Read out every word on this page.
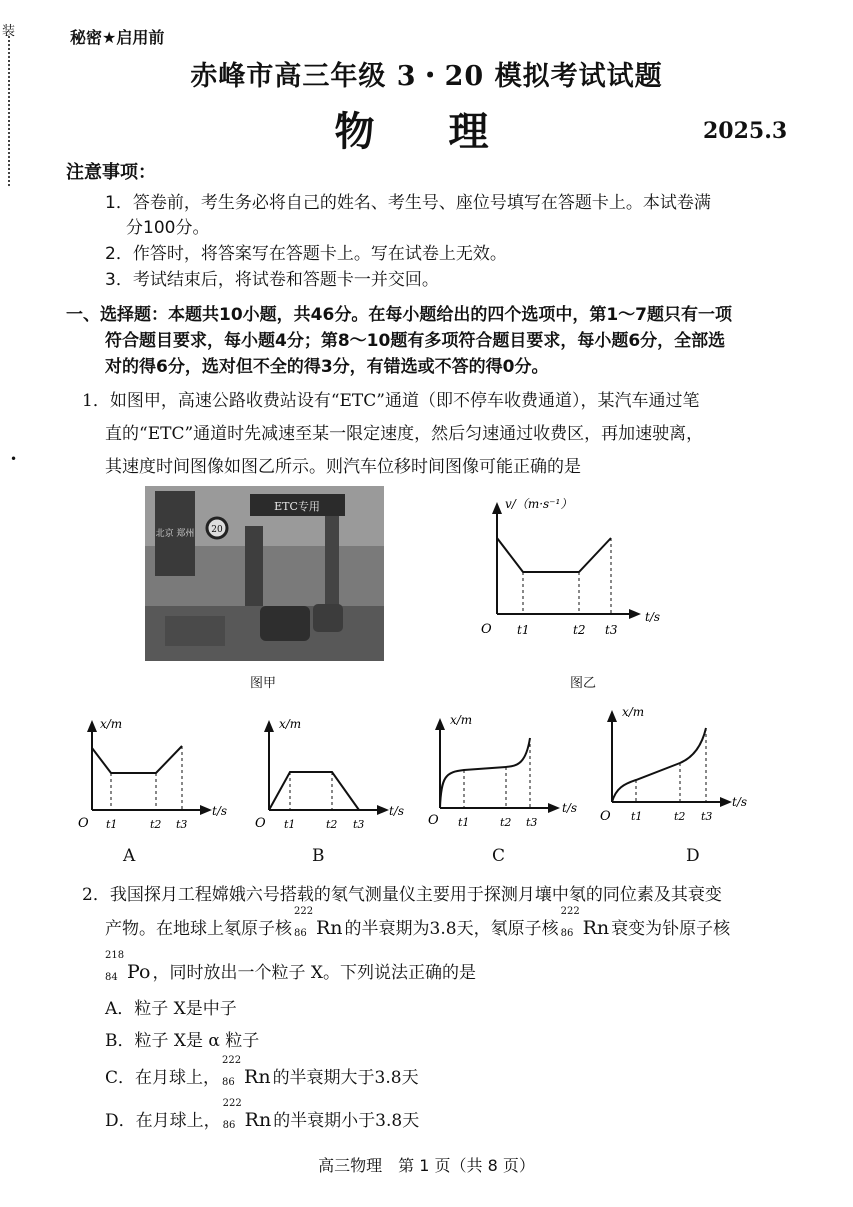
装
•
秘密★启用前
赤峰市高三年级 3・20 模拟考试试题
物 理	2025.3
注意事项：
1．答卷前，考生务必将自己的姓名、考生号、座位号填写在答题卡上。本试卷满
分100分。
2．作答时，将答案写在答题卡上。写在试卷上无效。
3．考试结束后，将试卷和答题卡一并交回。
一、选择题：本题共10小题，共46分。在每小题给出的四个选项中，第1～7题只有一项
符合题目要求，每小题4分；第8～10题有多项符合题目要求，每小题6分，全部选
对的得6分，选对但不全的得3分，有错选或不答的得0分。
1．如图甲，高速公路收费站设有“ETC”通道（即不停车收费通道），某汽车通过笔
直的“ETC”通道时先减速至某一限定速度，然后匀速通过收费区，再加速驶离，
其速度时间图像如图乙所示。则汽车位移时间图像可能正确的是
ETC专用
北京 郑州 20
图甲
v/（m·s⁻¹）
t/s
O t1	t2 t3
图乙
x/m
t/s
O t1	t2 t3
A
x/m
t/s
O t1	t2 t3
B
x/m
t/s
O t1	t2 t3
C
x/m
t/s
O t1	t2 t3
D
2．我国探月工程嫦娥六号搭载的氡气测量仪主要用于探测月壤中氡的同位素及其衰变
产物。在地球上氡原子核
222
86 Rn 的半衰期为3.8天，氡原子核
222
86 Rn 衰变为钋原子核
218
84 Po ，同时放出一个粒子 X。下列说法正确的是
A．粒子 X是中子
B．粒子 X是 α 粒子
C．在月球上，
222
86 Rn 的半衰期大于3.8天
D．在月球上，
222
86 Rn 的半衰期小于3.8天
高三物理　第 1 页（共 8 页）
